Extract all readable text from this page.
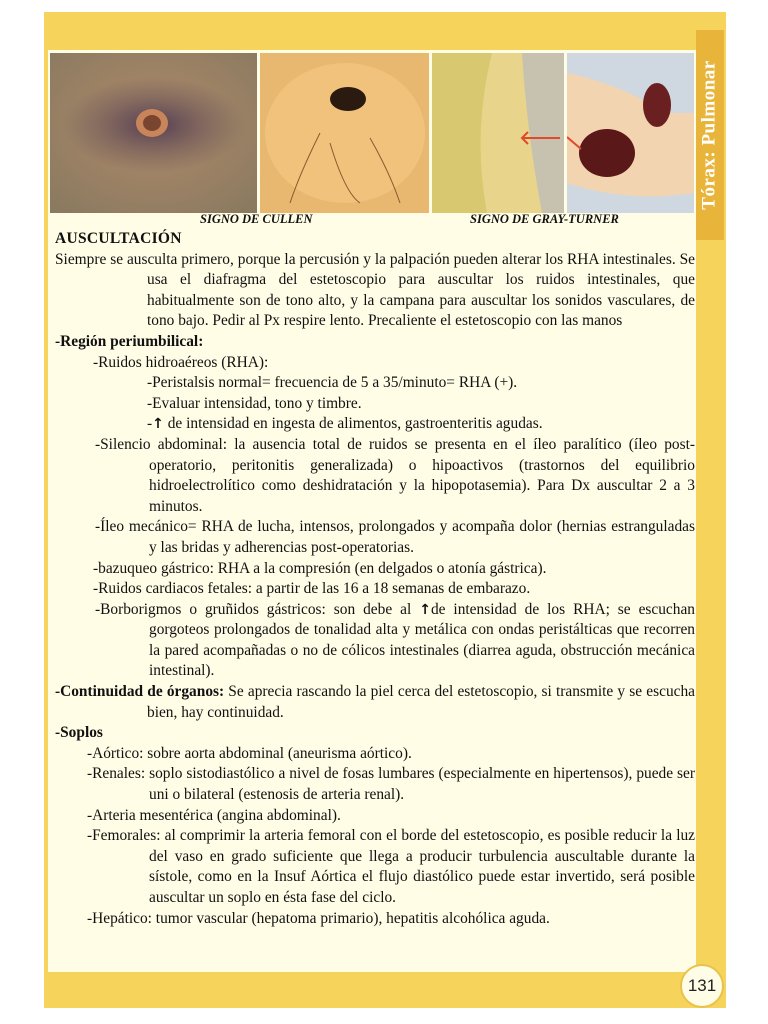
Tórax: Pulmonar
SIGNO DE CULLEN	SIGNO DE GRAY-TURNER

AUSCULTACIÓN

Siempre se ausculta primero, porque la percusión y la palpación pueden alterar los RHA intestinales. Se usa el diafragma del estetoscopio para auscultar los ruidos intestinales, que habitualmente son de tono alto, y la campana para auscultar los sonidos vasculares, de tono bajo. Pedir al Px respire lento. Precaliente el estetoscopio con las manos

-Región periumbilical:

-Ruidos hidroaéreos (RHA):

-Peristalsis normal= frecuencia de 5 a 35/minuto= RHA (+).

-Evaluar intensidad, tono y timbre.

-↑ de intensidad en ingesta de alimentos, gastroenteritis agudas.

-Silencio abdominal: la ausencia total de ruidos se presenta en el íleo paralítico (íleo post-operatorio, peritonitis generalizada) o hipoactivos (trastornos del equilibrio hidroelectrolítico como deshidratación y la hipopotasemia). Para Dx auscultar 2 a 3 minutos.

-Íleo mecánico= RHA de lucha, intensos, prolongados y acompaña dolor (hernias estranguladas y las bridas y adherencias post-operatorias.

-bazuqueo gástrico: RHA a la compresión (en delgados o atonía gástrica).

-Ruidos cardiacos fetales: a partir de las 16 a 18 semanas de embarazo.

-Borborigmos o gruñidos gástricos: son debe al ↑de intensidad de los RHA; se escuchan gorgoteos prolongados de tonalidad alta y metálica con ondas peristálticas que recorren la pared acompañadas o no de cólicos intestinales (diarrea aguda, obstrucción mecánica intestinal).

-Continuidad de órganos: Se aprecia rascando la piel cerca del estetoscopio, si transmite y se escucha bien, hay continuidad.

-Soplos

-Aórtico: sobre aorta abdominal (aneurisma aórtico).

-Renales: soplo sistodiastólico a nivel de fosas lumbares (especialmente en hipertensos), puede ser uni o bilateral (estenosis de arteria renal).

-Arteria mesentérica (angina abdominal).

-Femorales: al comprimir la arteria femoral con el borde del estetoscopio, es posible reducir la luz del vaso en grado suficiente que llega a producir turbulencia auscultable durante la sístole, como en la Insuf Aórtica el flujo diastólico puede estar invertido, será posible auscultar un soplo en ésta fase del ciclo.

-Hepático: tumor vascular (hepatoma primario), hepatitis alcohólica aguda.

131
